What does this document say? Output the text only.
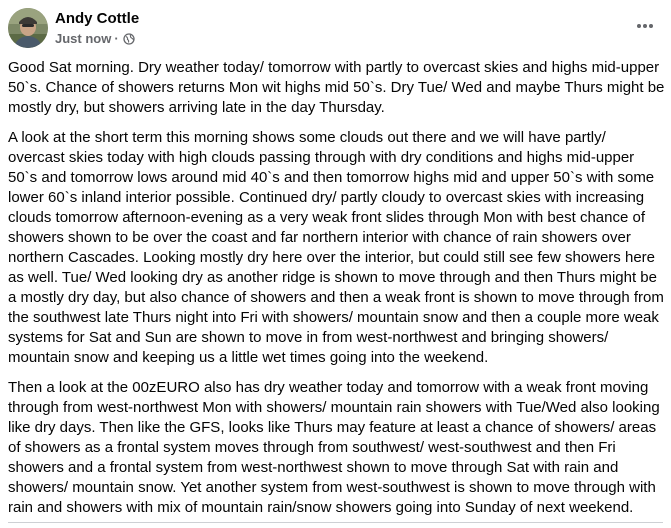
Andy Cottle
Just now ·

Good Sat morning. Dry weather today/ tomorrow with partly to overcast skies and highs mid-upper 50`s. Chance of showers returns Mon wit highs mid 50`s. Dry Tue/ Wed and maybe Thurs might be mostly dry, but showers arriving late in the day Thursday.

A look at the short term this morning shows some clouds out there and we will have partly/ overcast skies today with high clouds passing through with dry conditions and highs mid-upper 50`s and tomorrow lows around mid 40`s and then tomorrow highs mid and upper 50`s with some lower 60`s inland interior possible. Continued dry/ partly cloudy to overcast skies with increasing clouds tomorrow afternoon-evening as a very weak front slides through Mon with best chance of showers shown to be over the coast and far northern interior with chance of rain showers over northern Cascades. Looking mostly dry here over the interior, but could still see few showers here as well. Tue/ Wed looking dry as another ridge is shown to move through and then Thurs might be a mostly dry day, but also chance of showers and then a weak front is shown to move through from the southwest late Thurs night into Fri with showers/ mountain snow and then a couple more weak systems for Sat and Sun are shown to move in from west-northwest and bringing showers/ mountain snow and keeping us a little wet times going into the weekend.

Then a look at the 00zEURO also has dry weather today and tomorrow with a weak front moving through from west-northwest Mon with showers/ mountain rain showers with Tue/Wed also looking like dry days. Then like the GFS, looks like Thurs may feature at least a chance of showers/ areas of showers as a frontal system moves through from southwest/ west-southwest and then Fri showers and a frontal system from west-northwest shown to move through Sat with rain and showers/ mountain snow. Yet another system from west-southwest is shown to move through with rain and showers with mix of mountain rain/snow showers going into Sunday of next weekend.
